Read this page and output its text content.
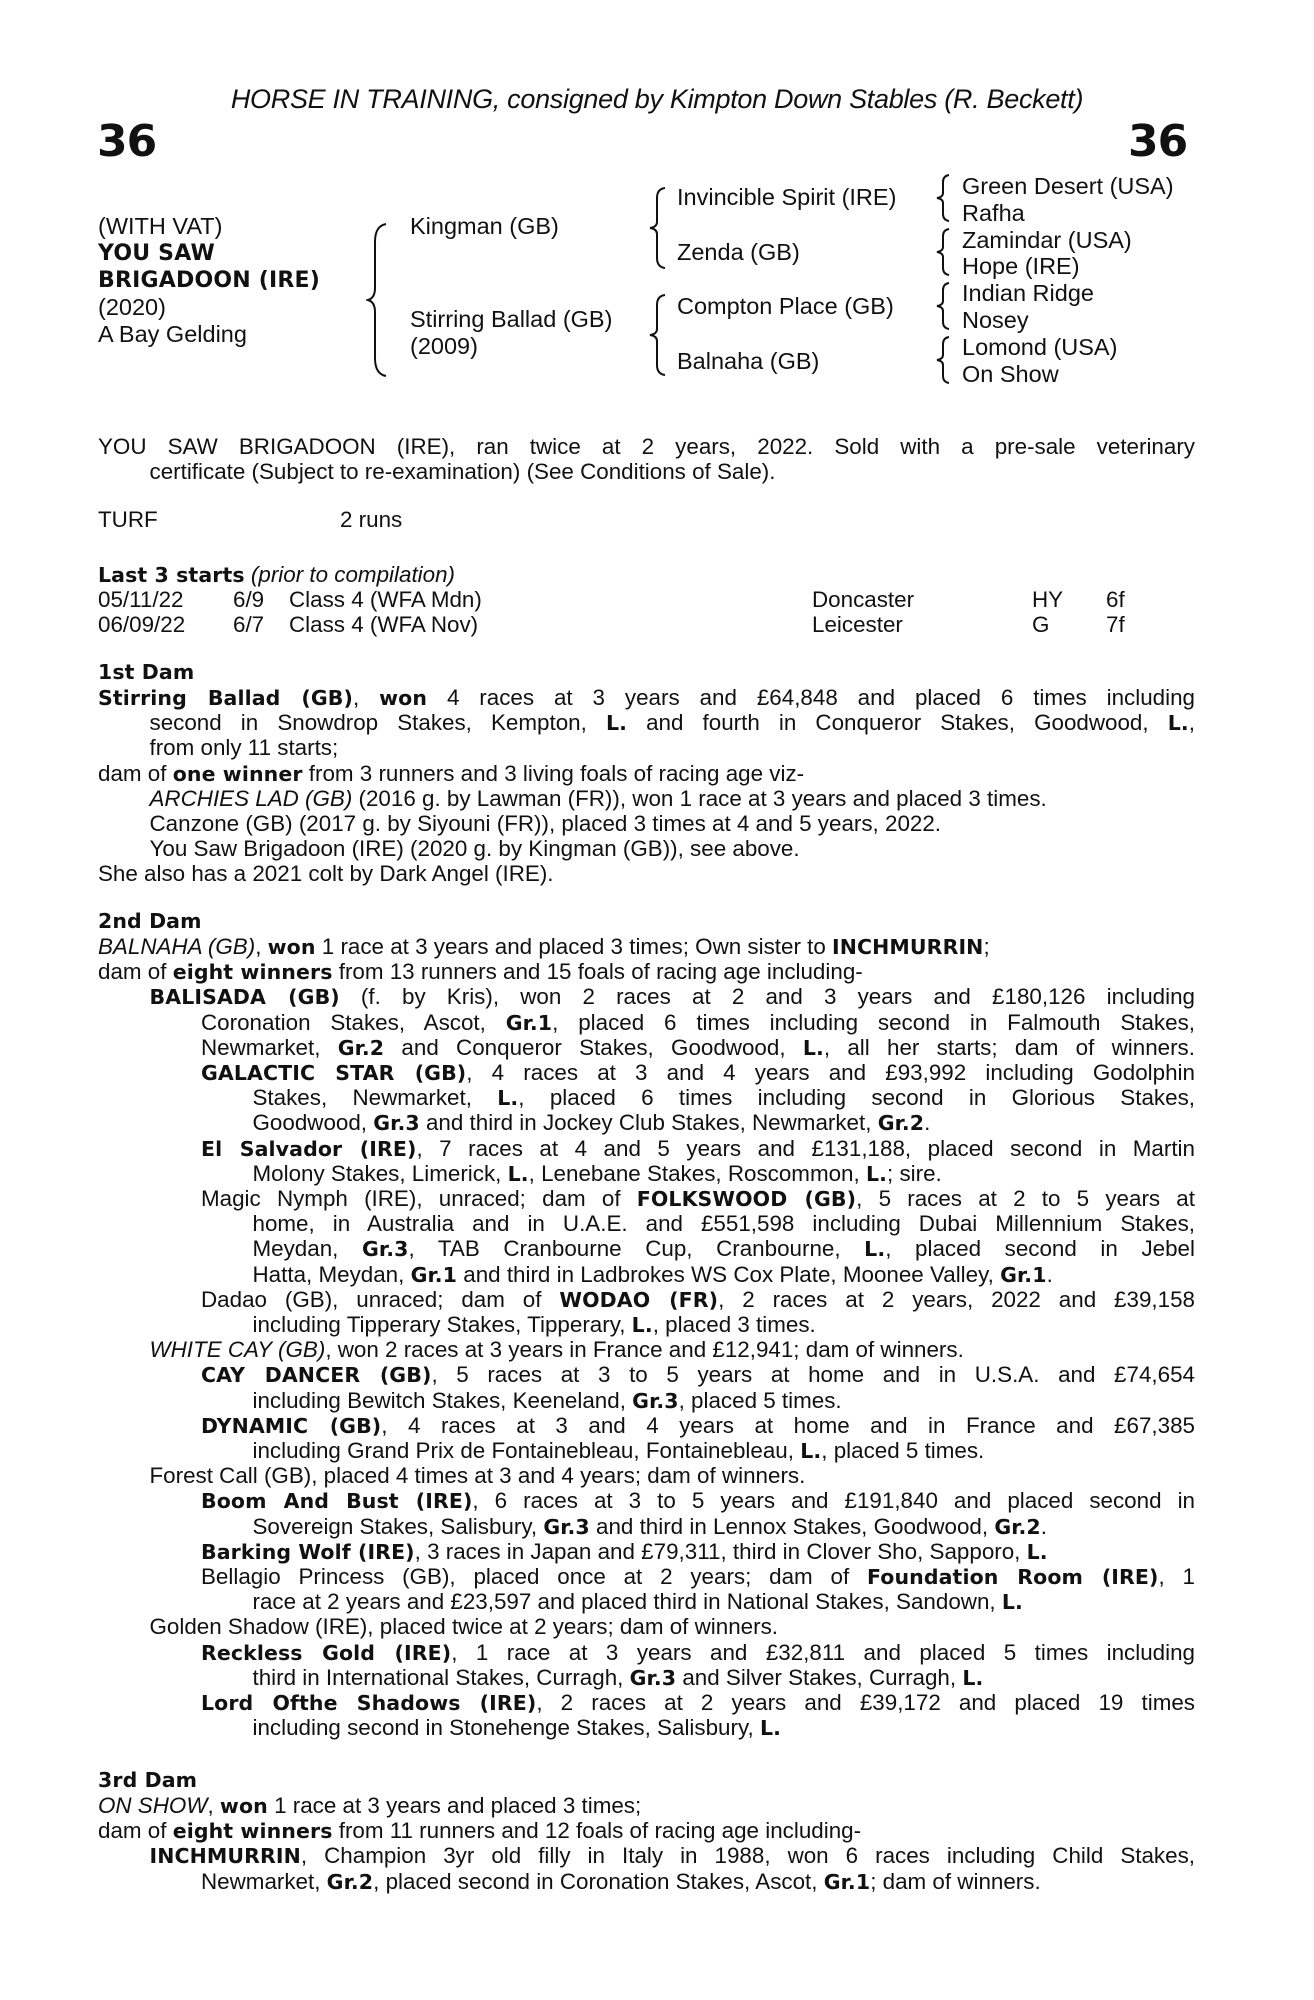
HORSE IN TRAINING, consigned by Kimpton Down Stables (R. Beckett)
36	36
(WITH VAT)
YOU SAW
BRIGADOON (IRE)
(2020)
A Bay Gelding
Kingman (GB)
Stirring Ballad (GB)
(2009)
Invincible Spirit (IRE)
Zenda (GB)
Compton Place (GB)
Balnaha (GB)
Green Desert (USA)
Rafha
Zamindar (USA)
Hope (IRE)
Indian Ridge
Nosey
Lomond (USA)
On Show
YOU SAW BRIGADOON (IRE), ran twice at 2 years, 2022. Sold with a pre-sale veterinary
certificate (Subject to re-examination) (See Conditions of Sale).
TURF	2 runs
Last 3 starts (prior to compilation)
05/11/22 6/9 Class 4 (WFA Mdn)	Doncaster	HY 6f
06/09/22 6/7 Class 4 (WFA Nov)	Leicester	G	7f
1st Dam
Stirring Ballad (GB), won 4 races at 3 years and £64,848 and placed 6 times including
second in Snowdrop Stakes, Kempton, L. and fourth in Conqueror Stakes, Goodwood, L.,
from only 11 starts;
dam of one winner from 3 runners and 3 living foals of racing age viz-
ARCHIES LAD (GB) (2016 g. by Lawman (FR)), won 1 race at 3 years and placed 3 times.
Canzone (GB) (2017 g. by Siyouni (FR)), placed 3 times at 4 and 5 years, 2022.
You Saw Brigadoon (IRE) (2020 g. by Kingman (GB)), see above.
She also has a 2021 colt by Dark Angel (IRE).
2nd Dam
BALNAHA (GB), won 1 race at 3 years and placed 3 times; Own sister to INCHMURRIN;
dam of eight winners from 13 runners and 15 foals of racing age including-
BALISADA (GB) (f. by Kris), won 2 races at 2 and 3 years and £180,126 including
Coronation Stakes, Ascot, Gr.1, placed 6 times including second in Falmouth Stakes,
Newmarket, Gr.2 and Conqueror Stakes, Goodwood, L., all her starts; dam of winners.
GALACTIC STAR (GB), 4 races at 3 and 4 years and £93,992 including Godolphin
Stakes, Newmarket, L., placed 6 times including second in Glorious Stakes,
Goodwood, Gr.3 and third in Jockey Club Stakes, Newmarket, Gr.2.
El Salvador (IRE), 7 races at 4 and 5 years and £131,188, placed second in Martin
Molony Stakes, Limerick, L., Lenebane Stakes, Roscommon, L.; sire.
Magic Nymph (IRE), unraced; dam of FOLKSWOOD (GB), 5 races at 2 to 5 years at
home, in Australia and in U.A.E. and £551,598 including Dubai Millennium Stakes,
Meydan, Gr.3, TAB Cranbourne Cup, Cranbourne, L., placed second in Jebel
Hatta, Meydan, Gr.1 and third in Ladbrokes WS Cox Plate, Moonee Valley, Gr.1.
Dadao (GB), unraced; dam of WODAO (FR), 2 races at 2 years, 2022 and £39,158
including Tipperary Stakes, Tipperary, L., placed 3 times.
WHITE CAY (GB), won 2 races at 3 years in France and £12,941; dam of winners.
CAY DANCER (GB), 5 races at 3 to 5 years at home and in U.S.A. and £74,654
including Bewitch Stakes, Keeneland, Gr.3, placed 5 times.
DYNAMIC (GB), 4 races at 3 and 4 years at home and in France and £67,385
including Grand Prix de Fontainebleau, Fontainebleau, L., placed 5 times.
Forest Call (GB), placed 4 times at 3 and 4 years; dam of winners.
Boom And Bust (IRE), 6 races at 3 to 5 years and £191,840 and placed second in
Sovereign Stakes, Salisbury, Gr.3 and third in Lennox Stakes, Goodwood, Gr.2.
Barking Wolf (IRE), 3 races in Japan and £79,311, third in Clover Sho, Sapporo, L.
Bellagio Princess (GB), placed once at 2 years; dam of Foundation Room (IRE), 1
race at 2 years and £23,597 and placed third in National Stakes, Sandown, L.
Golden Shadow (IRE), placed twice at 2 years; dam of winners.
Reckless Gold (IRE), 1 race at 3 years and £32,811 and placed 5 times including
third in International Stakes, Curragh, Gr.3 and Silver Stakes, Curragh, L.
Lord Ofthe Shadows (IRE), 2 races at 2 years and £39,172 and placed 19 times
including second in Stonehenge Stakes, Salisbury, L.
3rd Dam
ON SHOW, won 1 race at 3 years and placed 3 times;
dam of eight winners from 11 runners and 12 foals of racing age including-
INCHMURRIN, Champion 3yr old filly in Italy in 1988, won 6 races including Child Stakes,
Newmarket, Gr.2, placed second in Coronation Stakes, Ascot, Gr.1; dam of winners.
